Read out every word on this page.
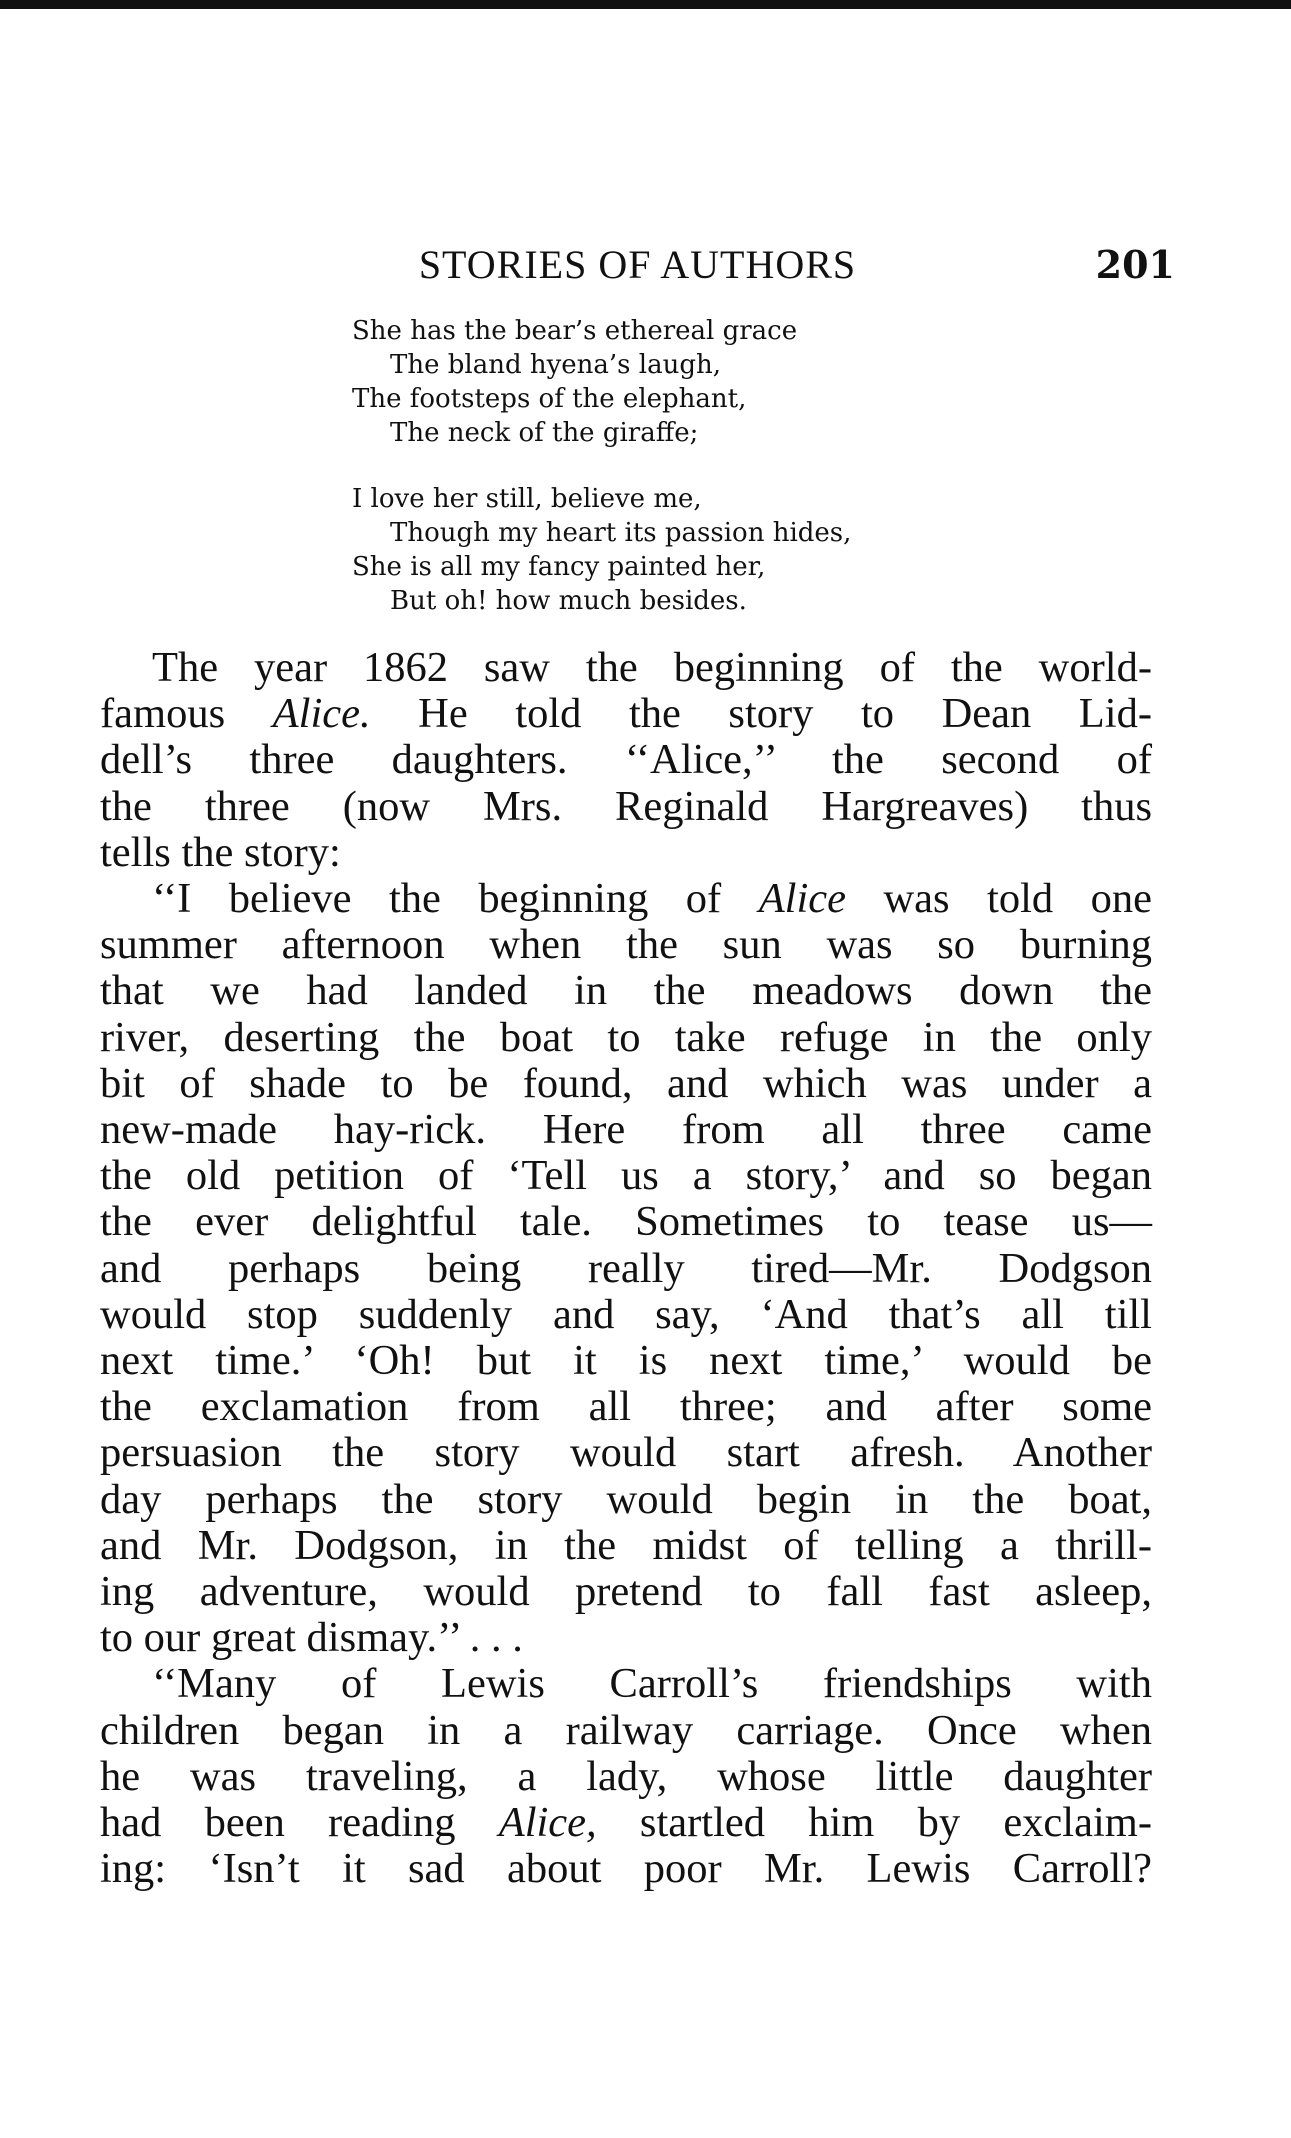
STORIES OF AUTHORS	201
She has the bear’s ethereal grace
The bland hyena’s laugh,
The footsteps of the elephant,
The neck of the giraffe;
I love her still, believe me,
Though my heart its passion hides,
She is all my fancy painted her,
But oh! how much besides.

The year 1862 saw the beginning of the world-
famous Alice. He told the story to Dean Lid-
dell’s three daughters. ‘‘Alice,’’ the second of
the three (now Mrs. Reginald Hargreaves) thus
tells the story:

‘‘I believe the beginning of Alice was told one
summer afternoon when the sun was so burning
that we had landed in the meadows down the
river, deserting the boat to take refuge in the only
bit of shade to be found, and which was under a
new-made hay-rick. Here from all three came
the old petition of ‘Tell us a story,’ and so began
the ever delightful tale. Sometimes to tease us—
and perhaps being really tired—Mr. Dodgson
would stop suddenly and say, ‘And that’s all till
next time.’ ‘Oh! but it is next time,’ would be
the exclamation from all three; and after some
persuasion the story would start afresh. Another
day perhaps the story would begin in the boat,
and Mr. Dodgson, in the midst of telling a thrill-
ing adventure, would pretend to fall fast asleep,
to our great dismay.’’ . . .

‘‘Many of Lewis Carroll’s friendships with
children began in a railway carriage. Once when
he was traveling, a lady, whose little daughter
had been reading Alice, startled him by exclaim-
ing: ‘Isn’t it sad about poor Mr. Lewis Carroll?
